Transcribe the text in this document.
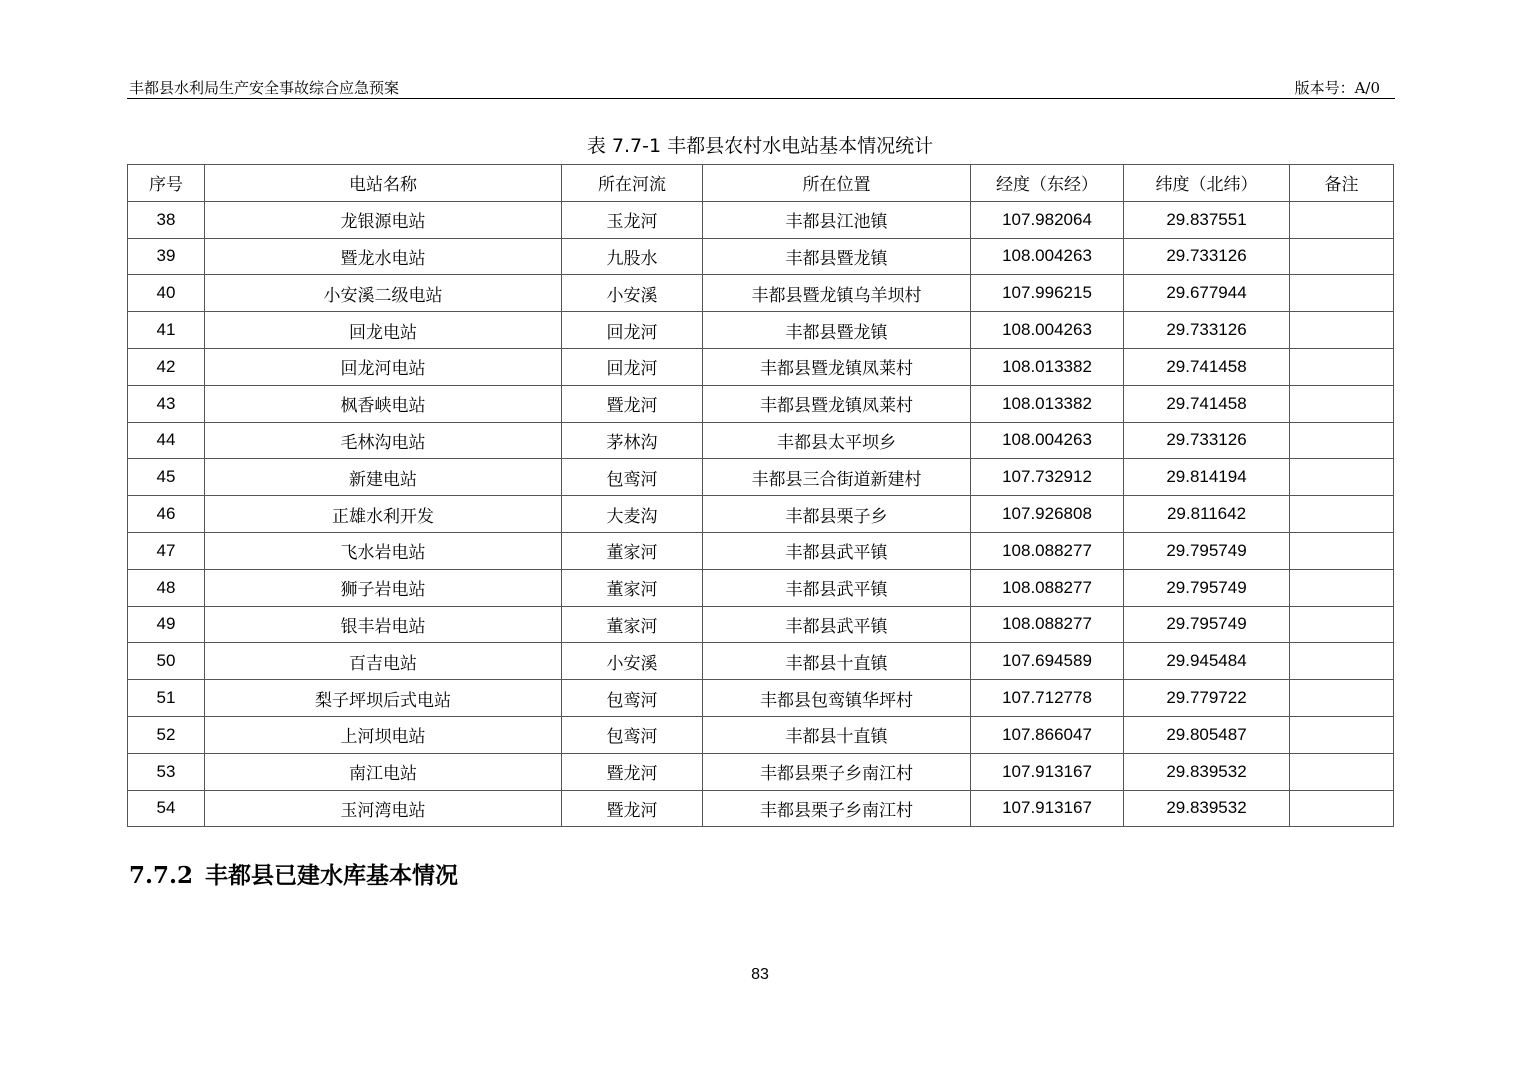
丰都县水利局生产安全事故综合应急预案	版本号：A/0
表 7.7-1 丰都县农村水电站基本情况统计
序号	电站名称	所在河流	所在位置	经度（东经）	纬度（北纬）	备注
38	龙银源电站	玉龙河	丰都县江池镇	107.982064	29.837551	
39	暨龙水电站	九股水	丰都县暨龙镇	108.004263	29.733126	
40	小安溪二级电站	小安溪	丰都县暨龙镇乌羊坝村	107.996215	29.677944	
41	回龙电站	回龙河	丰都县暨龙镇	108.004263	29.733126	
42	回龙河电站	回龙河	丰都县暨龙镇凤莱村	108.013382	29.741458	
43	枫香峡电站	暨龙河	丰都县暨龙镇凤莱村	108.013382	29.741458	
44	毛林沟电站	茅林沟	丰都县太平坝乡	108.004263	29.733126	
45	新建电站	包鸾河	丰都县三合街道新建村	107.732912	29.814194	
46	正雄水利开发	大麦沟	丰都县栗子乡	107.926808	29.811642	
47	飞水岩电站	董家河	丰都县武平镇	108.088277	29.795749	
48	狮子岩电站	董家河	丰都县武平镇	108.088277	29.795749	
49	银丰岩电站	董家河	丰都县武平镇	108.088277	29.795749	
50	百吉电站	小安溪	丰都县十直镇	107.694589	29.945484	
51	梨子坪坝后式电站	包鸾河	丰都县包鸾镇华坪村	107.712778	29.779722	
52	上河坝电站	包鸾河	丰都县十直镇	107.866047	29.805487	
53	南江电站	暨龙河	丰都县栗子乡南江村	107.913167	29.839532	
54	玉河湾电站	暨龙河	丰都县栗子乡南江村	107.913167	29.839532	
7.7.2 丰都县已建水库基本情况
83
